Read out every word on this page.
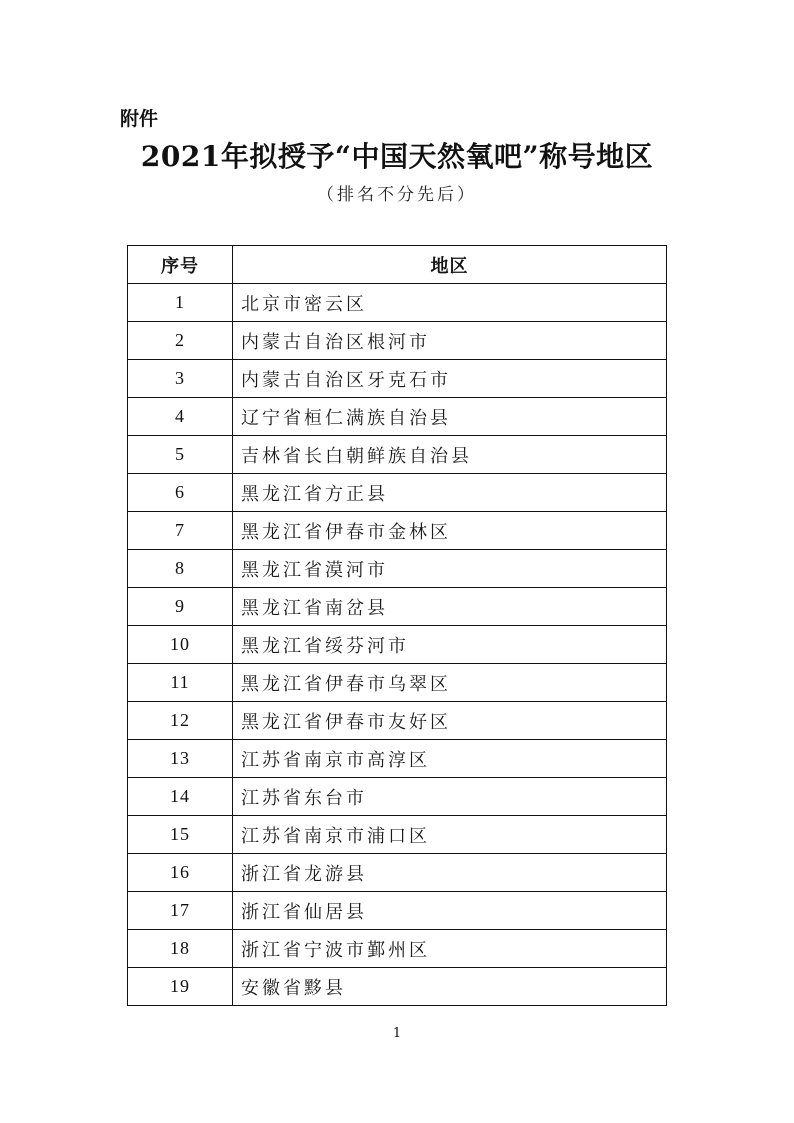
附件
2021年拟授予“中国天然氧吧”称号地区
（排名不分先后）
序号	地区
1	北京市密云区
2	内蒙古自治区根河市
3	内蒙古自治区牙克石市
4	辽宁省桓仁满族自治县
5	吉林省长白朝鲜族自治县
6	黑龙江省方正县
7	黑龙江省伊春市金林区
8	黑龙江省漠河市
9	黑龙江省南岔县
10	黑龙江省绥芬河市
11	黑龙江省伊春市乌翠区
12	黑龙江省伊春市友好区
13	江苏省南京市高淳区
14	江苏省东台市
15	江苏省南京市浦口区
16	浙江省龙游县
17	浙江省仙居县
18	浙江省宁波市鄞州区
19	安徽省黟县
1
